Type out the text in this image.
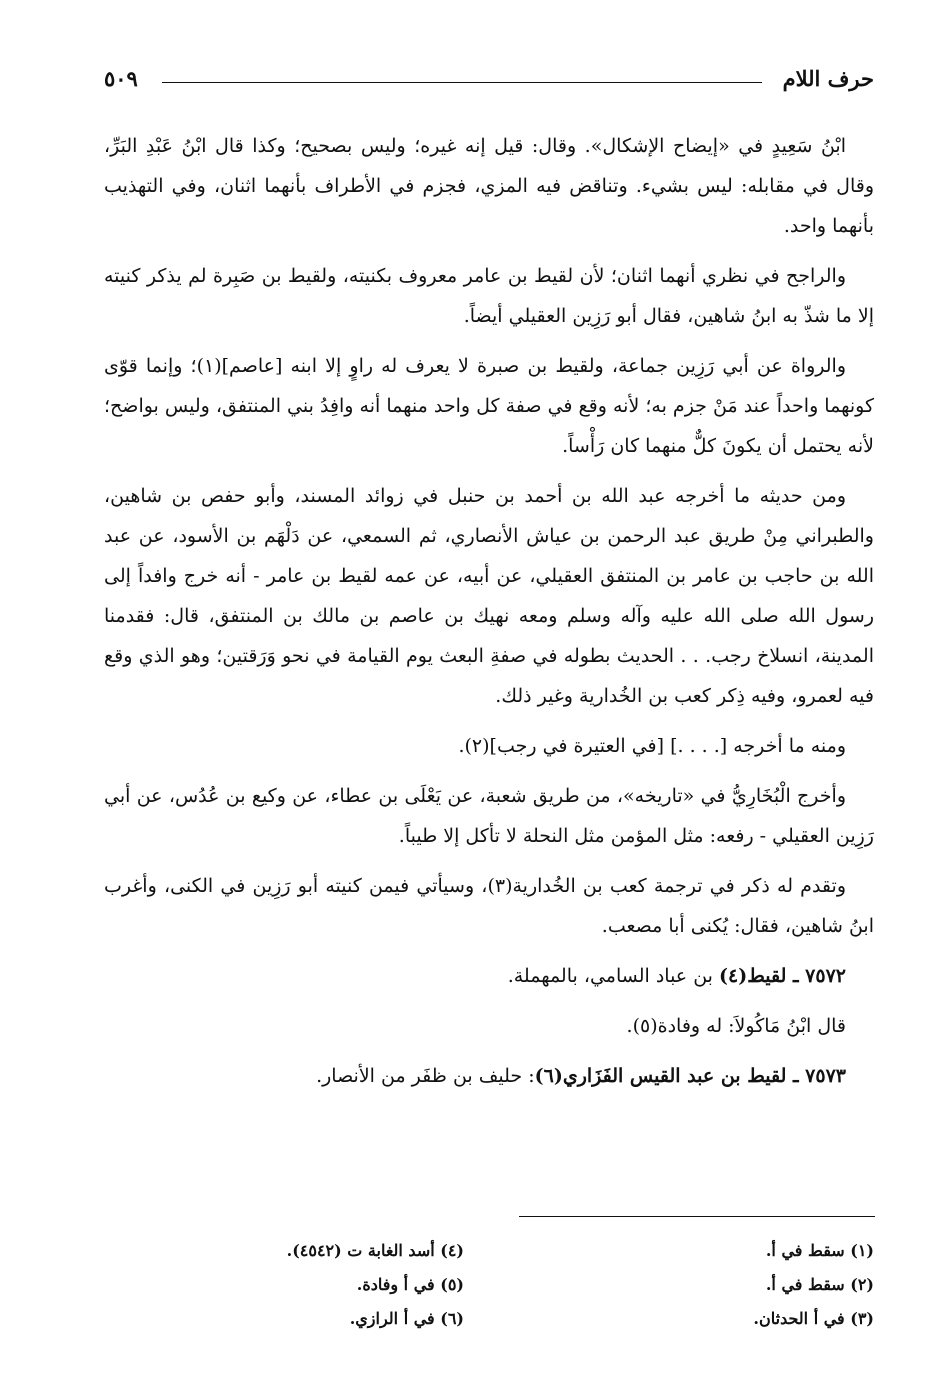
حرف اللام
٥٠٩

ابْنُ سَعِيدٍ في «إيضاح الإشكال». وقال: قيل إنه غيره؛ وليس بصحيح؛ وكذا قال ابْنُ عَبْدِ البَرِّ، وقال في مقابله: ليس بشيء. وتناقض فيه المزي، فجزم في الأطراف بأنهما اثنان، وفي التهذيب بأنهما واحد.

والراجح في نظري أنهما اثنان؛ لأن لقيط بن عامر معروف بكنيته، ولقيط بن صَبِرة لم يذكر كنيته إلا ما شذّ به ابنُ شاهين، فقال أبو رَزِين العقيلي أيضاً.

والرواة عن أبي رَزِين جماعة، ولقيط بن صبرة لا يعرف له راوٍ إلا ابنه [عاصم](١)؛ وإنما قوّى كونهما واحداً عند مَنْ جزم به؛ لأنه وقع في صفة كل واحد منهما أنه وافِدُ بني المنتفق، وليس بواضح؛ لأنه يحتمل أن يكونَ كلٌّ منهما كان رَأْساً.

ومن حديثه ما أخرجه عبد الله بن أحمد بن حنبل في زوائد المسند، وأبو حفص بن شاهين، والطبراني مِنْ طريق عبد الرحمن بن عياش الأنصاري، ثم السمعي، عن دَلْهَم بن الأسود، عن عبد الله بن حاجب بن عامر بن المنتفق العقيلي، عن أبيه، عن عمه لقيط بن عامر - أنه خرج وافداً إلى رسول الله صلى الله عليه وآله وسلم ومعه نهيك بن عاصم بن مالك بن المنتفق، قال: فقدمنا المدينة، انسلاخ رجب. . . الحديث بطوله في صفةِ البعث يوم القيامة في نحو وَرَقتين؛ وهو الذي وقع فيه لعمرو، وفيه ذِكر كعب بن الخُدارية وغير ذلك.

ومنه ما أخرجه [. . . .] [في العتيرة في رجب](٢).

وأخرج الْبُخَارِيُّ في «تاريخه»، من طريق شعبة، عن يَعْلَى بن عطاء، عن وكيع بن عُدُس، عن أبي رَزِين العقيلي - رفعه: مثل المؤمن مثل النحلة لا تأكل إلا طيباً.

وتقدم له ذكر في ترجمة كعب بن الخُدارية(٣)، وسيأتي فيمن كنيته أبو رَزِين في الكنى، وأغرب ابنُ شاهين، فقال: يُكنى أبا مصعب.

٧٥٧٢ ـ لقيط(٤) بن عباد السامي، بالمهملة.

قال ابْنُ مَاكُولاَ: له وفادة(٥).

٧٥٧٣ ـ لقيط بن عبد القيس الفَزَاري(٦): حليف بن ظفَر من الأنصار.

(١) سقط في أ.
(٢) سقط في أ.
(٣) في أ الحدثان.
(٤) أسد الغابة ت (٤٥٤٢).
(٥) في أ وفادة.
(٦) في أ الرازي.
